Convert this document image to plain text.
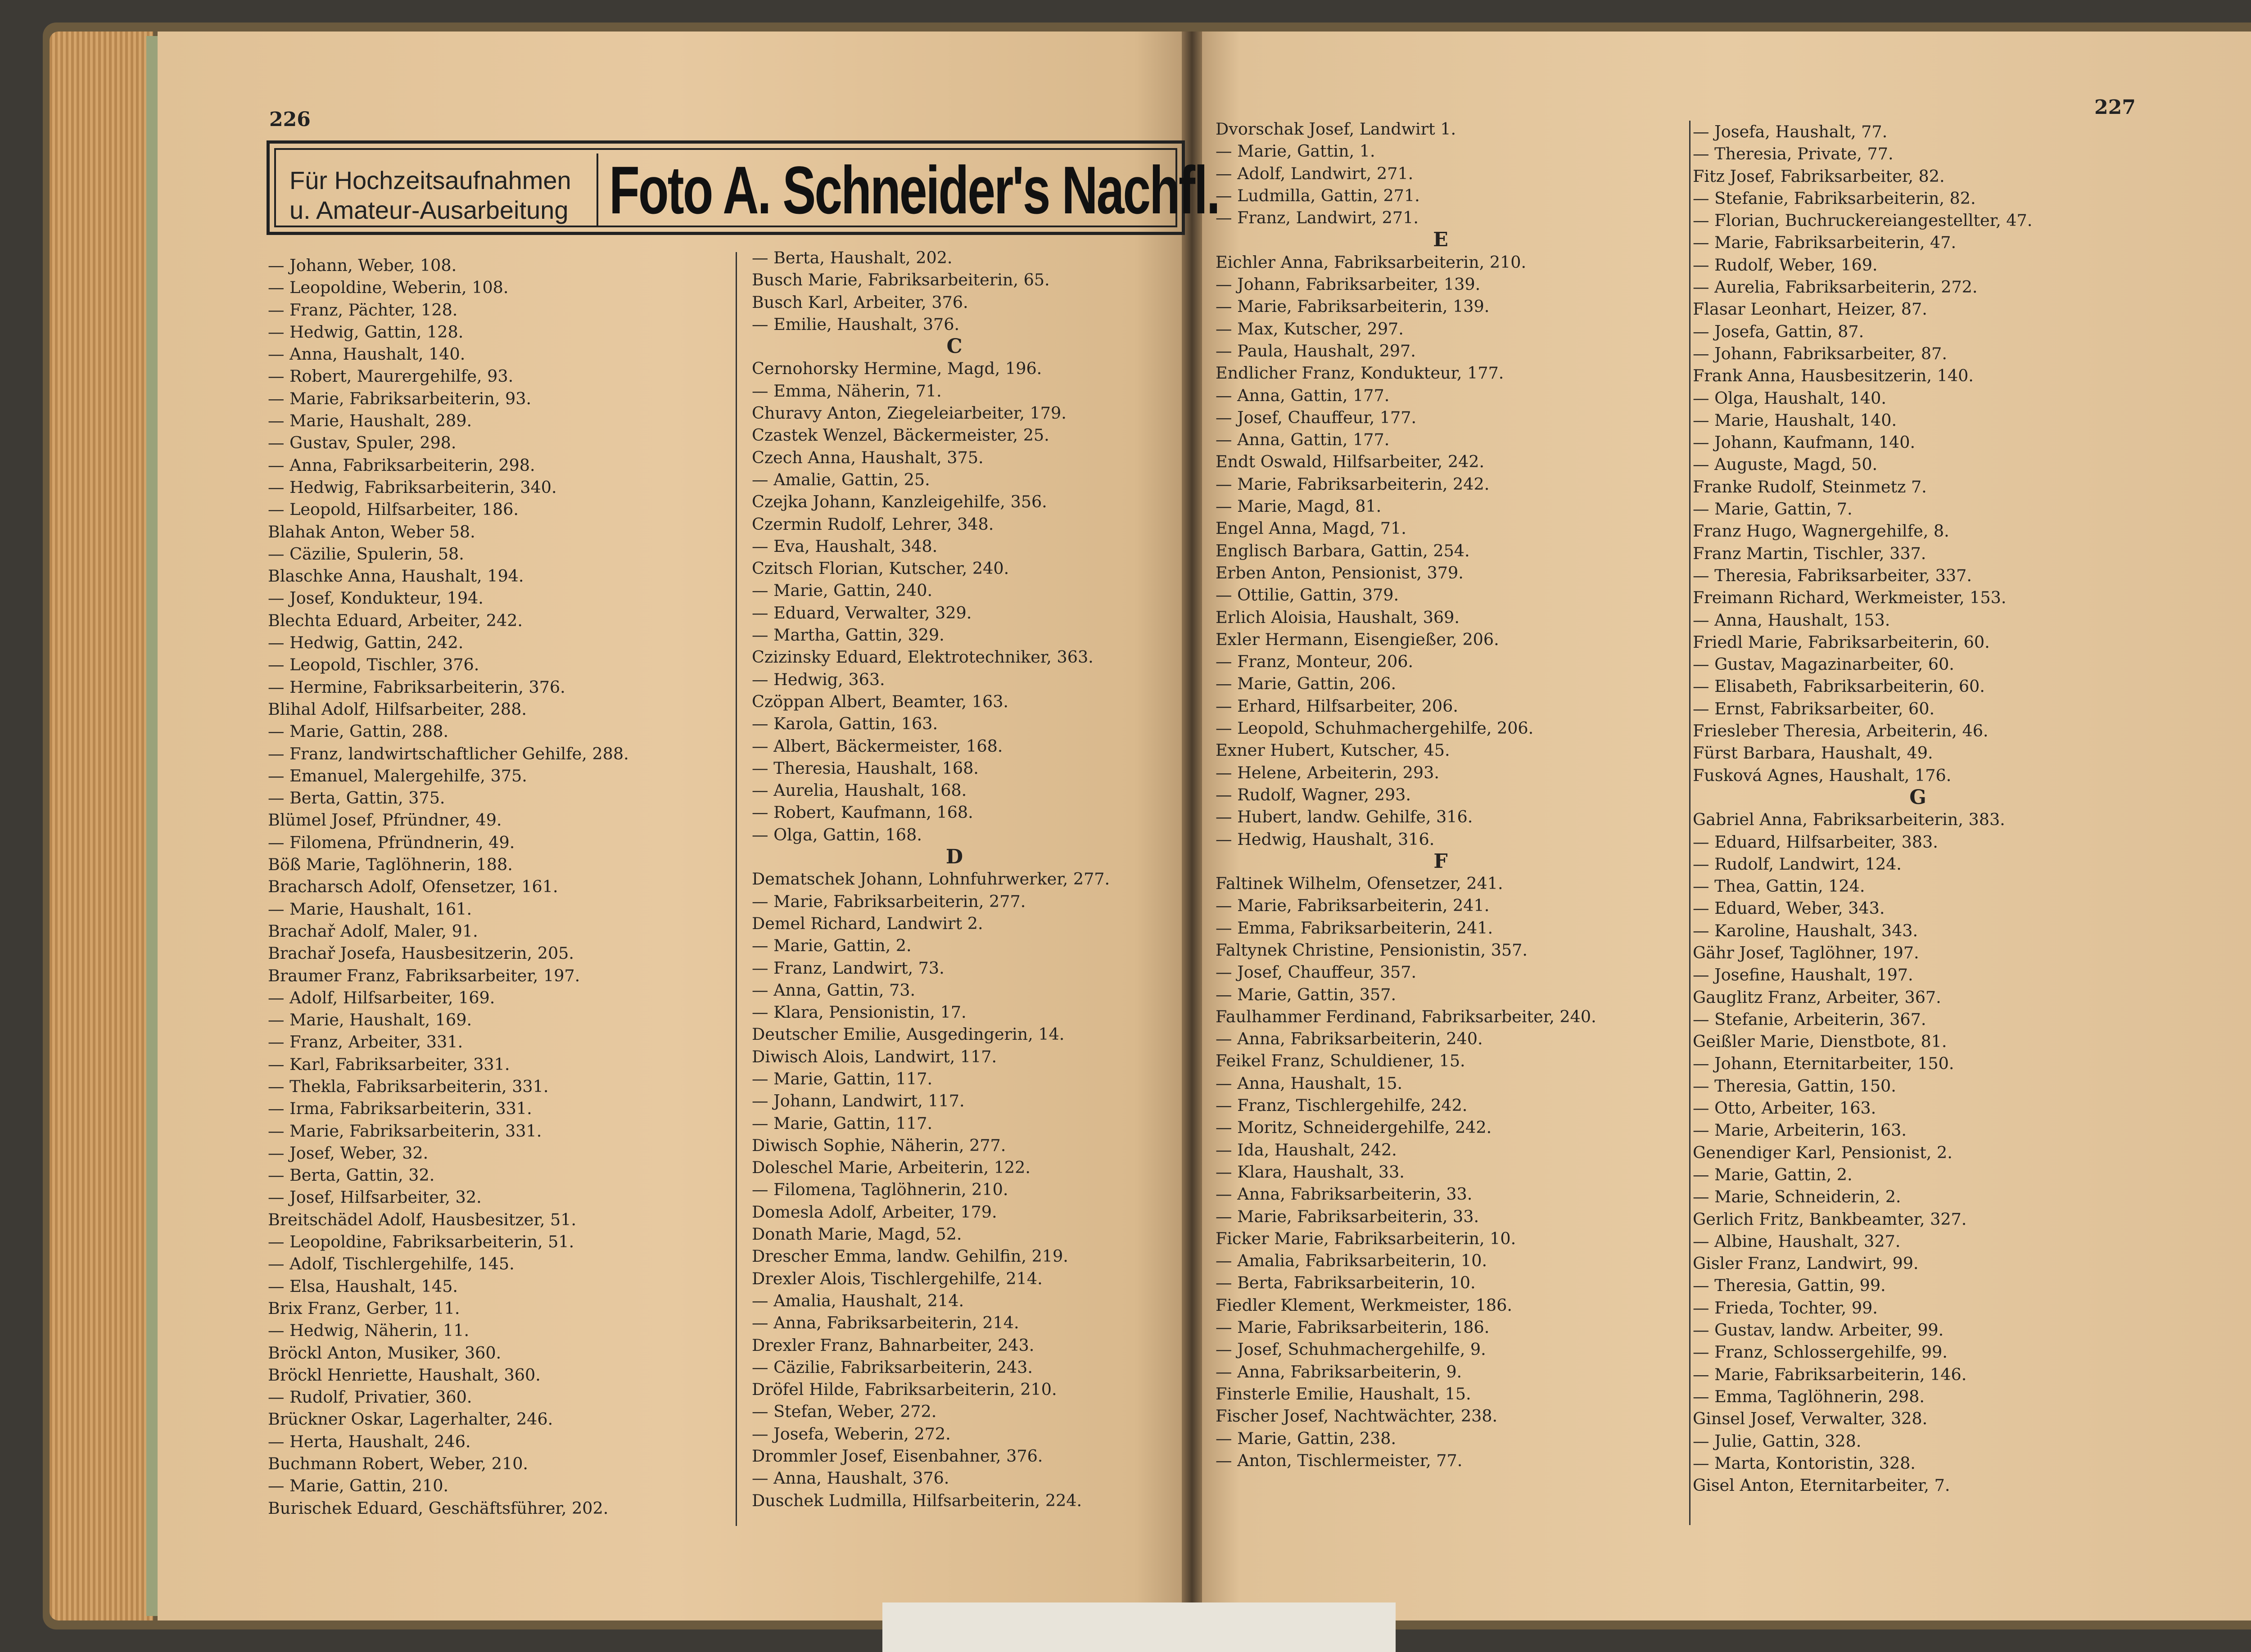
226
227
Für Hochzeitsaufnahmen
u. Amateur-Ausarbeitung Foto A. Schneider's Nachfl.
— Johann, Weber, 108.
— Leopoldine, Weberin, 108.
— Franz, Pächter, 128.
— Hedwig, Gattin, 128.
— Anna, Haushalt, 140.
— Robert, Maurergehilfe, 93.
— Marie, Fabriksarbeiterin, 93.
— Marie, Haushalt, 289.
— Gustav, Spuler, 298.
— Anna, Fabriksarbeiterin, 298.
— Hedwig, Fabriksarbeiterin, 340.
— Leopold, Hilfsarbeiter, 186.
Blahak Anton, Weber 58.
— Cäzilie, Spulerin, 58.
Blaschke Anna, Haushalt, 194.
— Josef, Kondukteur, 194.
Blechta Eduard, Arbeiter, 242.
— Hedwig, Gattin, 242.
— Leopold, Tischler, 376.
— Hermine, Fabriksarbeiterin, 376.
Blihal Adolf, Hilfsarbeiter, 288.
— Marie, Gattin, 288.
— Franz, landwirtschaftlicher Gehilfe, 288.
— Emanuel, Malergehilfe, 375.
— Berta, Gattin, 375.
Blümel Josef, Pfründner, 49.
— Filomena, Pfründnerin, 49.
Böß Marie, Taglöhnerin, 188.
Bracharsch Adolf, Ofensetzer, 161.
— Marie, Haushalt, 161.
Brachař Adolf, Maler, 91.
Brachař Josefa, Hausbesitzerin, 205.
Braumer Franz, Fabriksarbeiter, 197.
— Adolf, Hilfsarbeiter, 169.
— Marie, Haushalt, 169.
— Franz, Arbeiter, 331.
— Karl, Fabriksarbeiter, 331.
— Thekla, Fabriksarbeiterin, 331.
— Irma, Fabriksarbeiterin, 331.
— Marie, Fabriksarbeiterin, 331.
— Josef, Weber, 32.
— Berta, Gattin, 32.
— Josef, Hilfsarbeiter, 32.
Breitschädel Adolf, Hausbesitzer, 51.
— Leopoldine, Fabriksarbeiterin, 51.
— Adolf, Tischlergehilfe, 145.
— Elsa, Haushalt, 145.
Brix Franz, Gerber, 11.
— Hedwig, Näherin, 11.
Bröckl Anton, Musiker, 360.
Bröckl Henriette, Haushalt, 360.
— Rudolf, Privatier, 360.
Brückner Oskar, Lagerhalter, 246.
— Herta, Haushalt, 246.
Buchmann Robert, Weber, 210.
— Marie, Gattin, 210.
Burischek Eduard, Geschäftsführer, 202.
— Berta, Haushalt, 202.
Busch Marie, Fabriksarbeiterin, 65.
Busch Karl, Arbeiter, 376.
— Emilie, Haushalt, 376.
C
Cernohorsky Hermine, Magd, 196.
— Emma, Näherin, 71.
Churavy Anton, Ziegeleiarbeiter, 179.
Czastek Wenzel, Bäckermeister, 25.
Czech Anna, Haushalt, 375.
— Amalie, Gattin, 25.
Czejka Johann, Kanzleigehilfe, 356.
Czermin Rudolf, Lehrer, 348.
— Eva, Haushalt, 348.
Czitsch Florian, Kutscher, 240.
— Marie, Gattin, 240.
— Eduard, Verwalter, 329.
— Martha, Gattin, 329.
Czizinsky Eduard, Elektrotechniker, 363.
— Hedwig, 363.
Czöppan Albert, Beamter, 163.
— Karola, Gattin, 163.
— Albert, Bäckermeister, 168.
— Theresia, Haushalt, 168.
— Aurelia, Haushalt, 168.
— Robert, Kaufmann, 168.
— Olga, Gattin, 168.
D
Dematschek Johann, Lohnfuhrwerker, 277.
— Marie, Fabriksarbeiterin, 277.
Demel Richard, Landwirt 2.
— Marie, Gattin, 2.
— Franz, Landwirt, 73.
— Anna, Gattin, 73.
— Klara, Pensionistin, 17.
Deutscher Emilie, Ausgedingerin, 14.
Diwisch Alois, Landwirt, 117.
— Marie, Gattin, 117.
— Johann, Landwirt, 117.
— Marie, Gattin, 117.
Diwisch Sophie, Näherin, 277.
Doleschel Marie, Arbeiterin, 122.
— Filomena, Taglöhnerin, 210.
Domesla Adolf, Arbeiter, 179.
Donath Marie, Magd, 52.
Drescher Emma, landw. Gehilfin, 219.
Drexler Alois, Tischlergehilfe, 214.
— Amalia, Haushalt, 214.
— Anna, Fabriksarbeiterin, 214.
Drexler Franz, Bahnarbeiter, 243.
— Cäzilie, Fabriksarbeiterin, 243.
Dröfel Hilde, Fabriksarbeiterin, 210.
— Stefan, Weber, 272.
— Josefa, Weberin, 272.
Drommler Josef, Eisenbahner, 376.
— Anna, Haushalt, 376.
Duschek Ludmilla, Hilfsarbeiterin, 224.
Dvorschak Josef, Landwirt 1.
— Marie, Gattin, 1.
— Adolf, Landwirt, 271.
— Ludmilla, Gattin, 271.
— Franz, Landwirt, 271.
E
Eichler Anna, Fabriksarbeiterin, 210.
— Johann, Fabriksarbeiter, 139.
— Marie, Fabriksarbeiterin, 139.
— Max, Kutscher, 297.
— Paula, Haushalt, 297.
Endlicher Franz, Kondukteur, 177.
— Anna, Gattin, 177.
— Josef, Chauffeur, 177.
— Anna, Gattin, 177.
Endt Oswald, Hilfsarbeiter, 242.
— Marie, Fabriksarbeiterin, 242.
— Marie, Magd, 81.
Engel Anna, Magd, 71.
Englisch Barbara, Gattin, 254.
Erben Anton, Pensionist, 379.
— Ottilie, Gattin, 379.
Erlich Aloisia, Haushalt, 369.
Exler Hermann, Eisengießer, 206.
— Franz, Monteur, 206.
— Marie, Gattin, 206.
— Erhard, Hilfsarbeiter, 206.
— Leopold, Schuhmachergehilfe, 206.
Exner Hubert, Kutscher, 45.
— Helene, Arbeiterin, 293.
— Rudolf, Wagner, 293.
— Hubert, landw. Gehilfe, 316.
— Hedwig, Haushalt, 316.
F
Faltinek Wilhelm, Ofensetzer, 241.
— Marie, Fabriksarbeiterin, 241.
— Emma, Fabriksarbeiterin, 241.
Faltynek Christine, Pensionistin, 357.
— Josef, Chauffeur, 357.
— Marie, Gattin, 357.
Faulhammer Ferdinand, Fabriksarbeiter, 240.
— Anna, Fabriksarbeiterin, 240.
Feikel Franz, Schuldiener, 15.
— Anna, Haushalt, 15.
— Franz, Tischlergehilfe, 242.
— Moritz, Schneidergehilfe, 242.
— Ida, Haushalt, 242.
— Klara, Haushalt, 33.
— Anna, Fabriksarbeiterin, 33.
— Marie, Fabriksarbeiterin, 33.
Ficker Marie, Fabriksarbeiterin, 10.
— Amalia, Fabriksarbeiterin, 10.
— Berta, Fabriksarbeiterin, 10.
Fiedler Klement, Werkmeister, 186.
— Marie, Fabriksarbeiterin, 186.
— Josef, Schuhmachergehilfe, 9.
— Anna, Fabriksarbeiterin, 9.
Finsterle Emilie, Haushalt, 15.
Fischer Josef, Nachtwächter, 238.
— Marie, Gattin, 238.
— Anton, Tischlermeister, 77.
— Josefa, Haushalt, 77.
— Theresia, Private, 77.
Fitz Josef, Fabriksarbeiter, 82.
— Stefanie, Fabriksarbeiterin, 82.
— Florian, Buchruckereiangestellter, 47.
— Marie, Fabriksarbeiterin, 47.
— Rudolf, Weber, 169.
— Aurelia, Fabriksarbeiterin, 272.
Flasar Leonhart, Heizer, 87.
— Josefa, Gattin, 87.
— Johann, Fabriksarbeiter, 87.
Frank Anna, Hausbesitzerin, 140.
— Olga, Haushalt, 140.
— Marie, Haushalt, 140.
— Johann, Kaufmann, 140.
— Auguste, Magd, 50.
Franke Rudolf, Steinmetz 7.
— Marie, Gattin, 7.
Franz Hugo, Wagnergehilfe, 8.
Franz Martin, Tischler, 337.
— Theresia, Fabriksarbeiter, 337.
Freimann Richard, Werkmeister, 153.
— Anna, Haushalt, 153.
Friedl Marie, Fabriksarbeiterin, 60.
— Gustav, Magazinarbeiter, 60.
— Elisabeth, Fabriksarbeiterin, 60.
— Ernst, Fabriksarbeiter, 60.
Friesleber Theresia, Arbeiterin, 46.
Fürst Barbara, Haushalt, 49.
Fusková Agnes, Haushalt, 176.
G
Gabriel Anna, Fabriksarbeiterin, 383.
— Eduard, Hilfsarbeiter, 383.
— Rudolf, Landwirt, 124.
— Thea, Gattin, 124.
— Eduard, Weber, 343.
— Karoline, Haushalt, 343.
Gähr Josef, Taglöhner, 197.
— Josefine, Haushalt, 197.
Gauglitz Franz, Arbeiter, 367.
— Stefanie, Arbeiterin, 367.
Geißler Marie, Dienstbote, 81.
— Johann, Eternitarbeiter, 150.
— Theresia, Gattin, 150.
— Otto, Arbeiter, 163.
— Marie, Arbeiterin, 163.
Genendiger Karl, Pensionist, 2.
— Marie, Gattin, 2.
— Marie, Schneiderin, 2.
Gerlich Fritz, Bankbeamter, 327.
— Albine, Haushalt, 327.
Gisler Franz, Landwirt, 99.
— Theresia, Gattin, 99.
— Frieda, Tochter, 99.
— Gustav, landw. Arbeiter, 99.
— Franz, Schlossergehilfe, 99.
— Marie, Fabriksarbeiterin, 146.
— Emma, Taglöhnerin, 298.
Ginsel Josef, Verwalter, 328.
— Julie, Gattin, 328.
— Marta, Kontoristin, 328.
Gisel Anton, Eternitarbeiter, 7.
